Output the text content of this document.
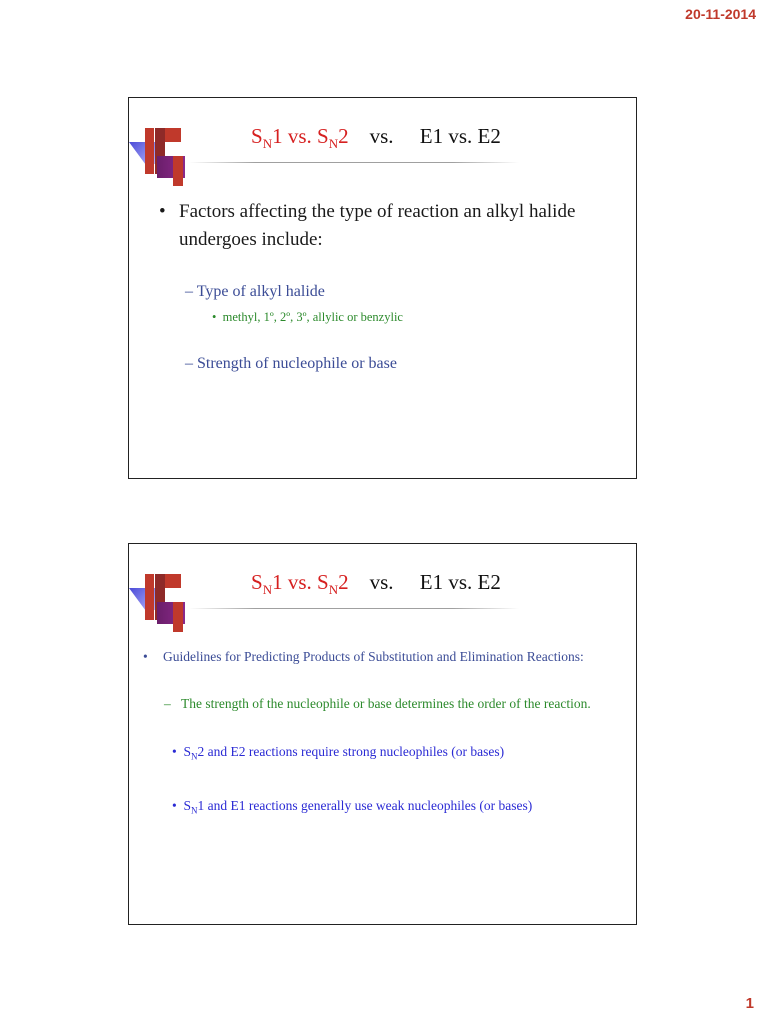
20-11-2014
$S_N1$ vs. $S_N2$ vs. E1 vs. E2
• Factors affecting the type of reaction an alkyl halide undergoes include:
– Type of alkyl halide
• methyl, 1º, 2º, 3º, allylic or benzylic
– Strength of nucleophile or base
$S_N1$ vs. $S_N2$ vs. E1 vs. E2
•	Guidelines for Predicting Products of Substitution and Elimination Reactions:
– The strength of the nucleophile or base determines the order of the reaction.
• $S_N2$ and E2 reactions require strong nucleophiles (or bases)
• $S_N1$ and E1 reactions generally use weak nucleophiles (or bases)
1
